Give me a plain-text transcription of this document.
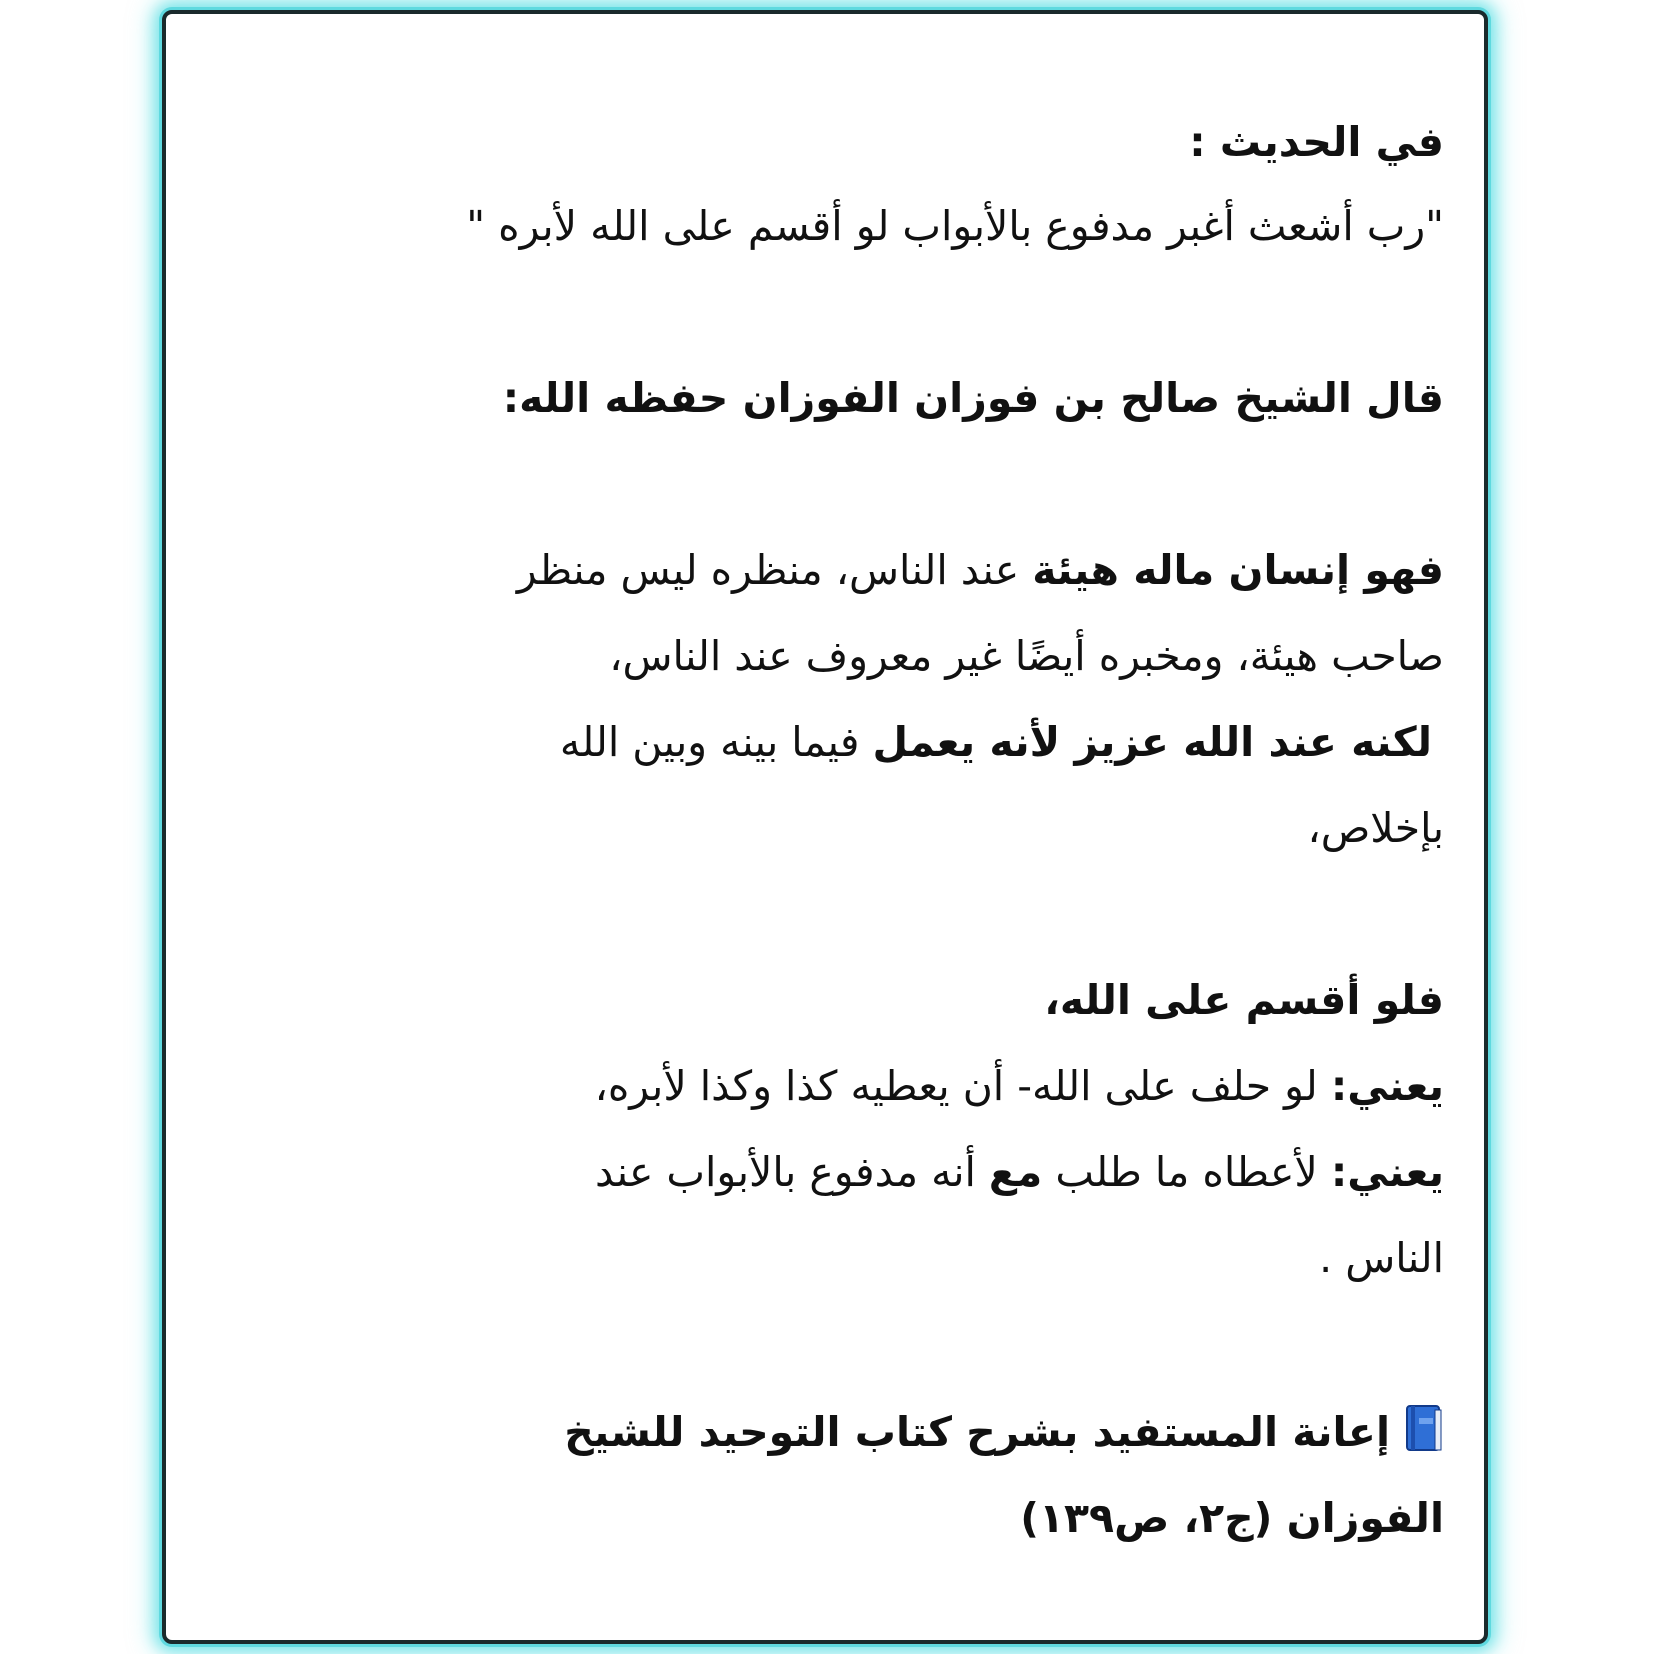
في الحديث :
"رب أشعث أغبر مدفوع بالأبواب لو أقسم على الله لأبره "
قال الشيخ صالح بن فوزان الفوزان حفظه الله:
فهو إنسان ماله هيئة عند الناس، منظره ليس منظر
صاحب هيئة، ومخبره أيضًا غير معروف عند الناس،
لكنه عند الله عزيز لأنه يعمل فيما بينه وبين الله
بإخلاص،
فلو أقسم على الله،
يعني: لو حلف على الله- أن يعطيه كذا وكذا لأبره،
يعني: لأعطاه ما طلب مع أنه مدفوع بالأبواب عند
الناس .
إعانة المستفيد بشرح كتاب التوحيد للشيخ
الفوزان (ج٢، ص١٣٩)
